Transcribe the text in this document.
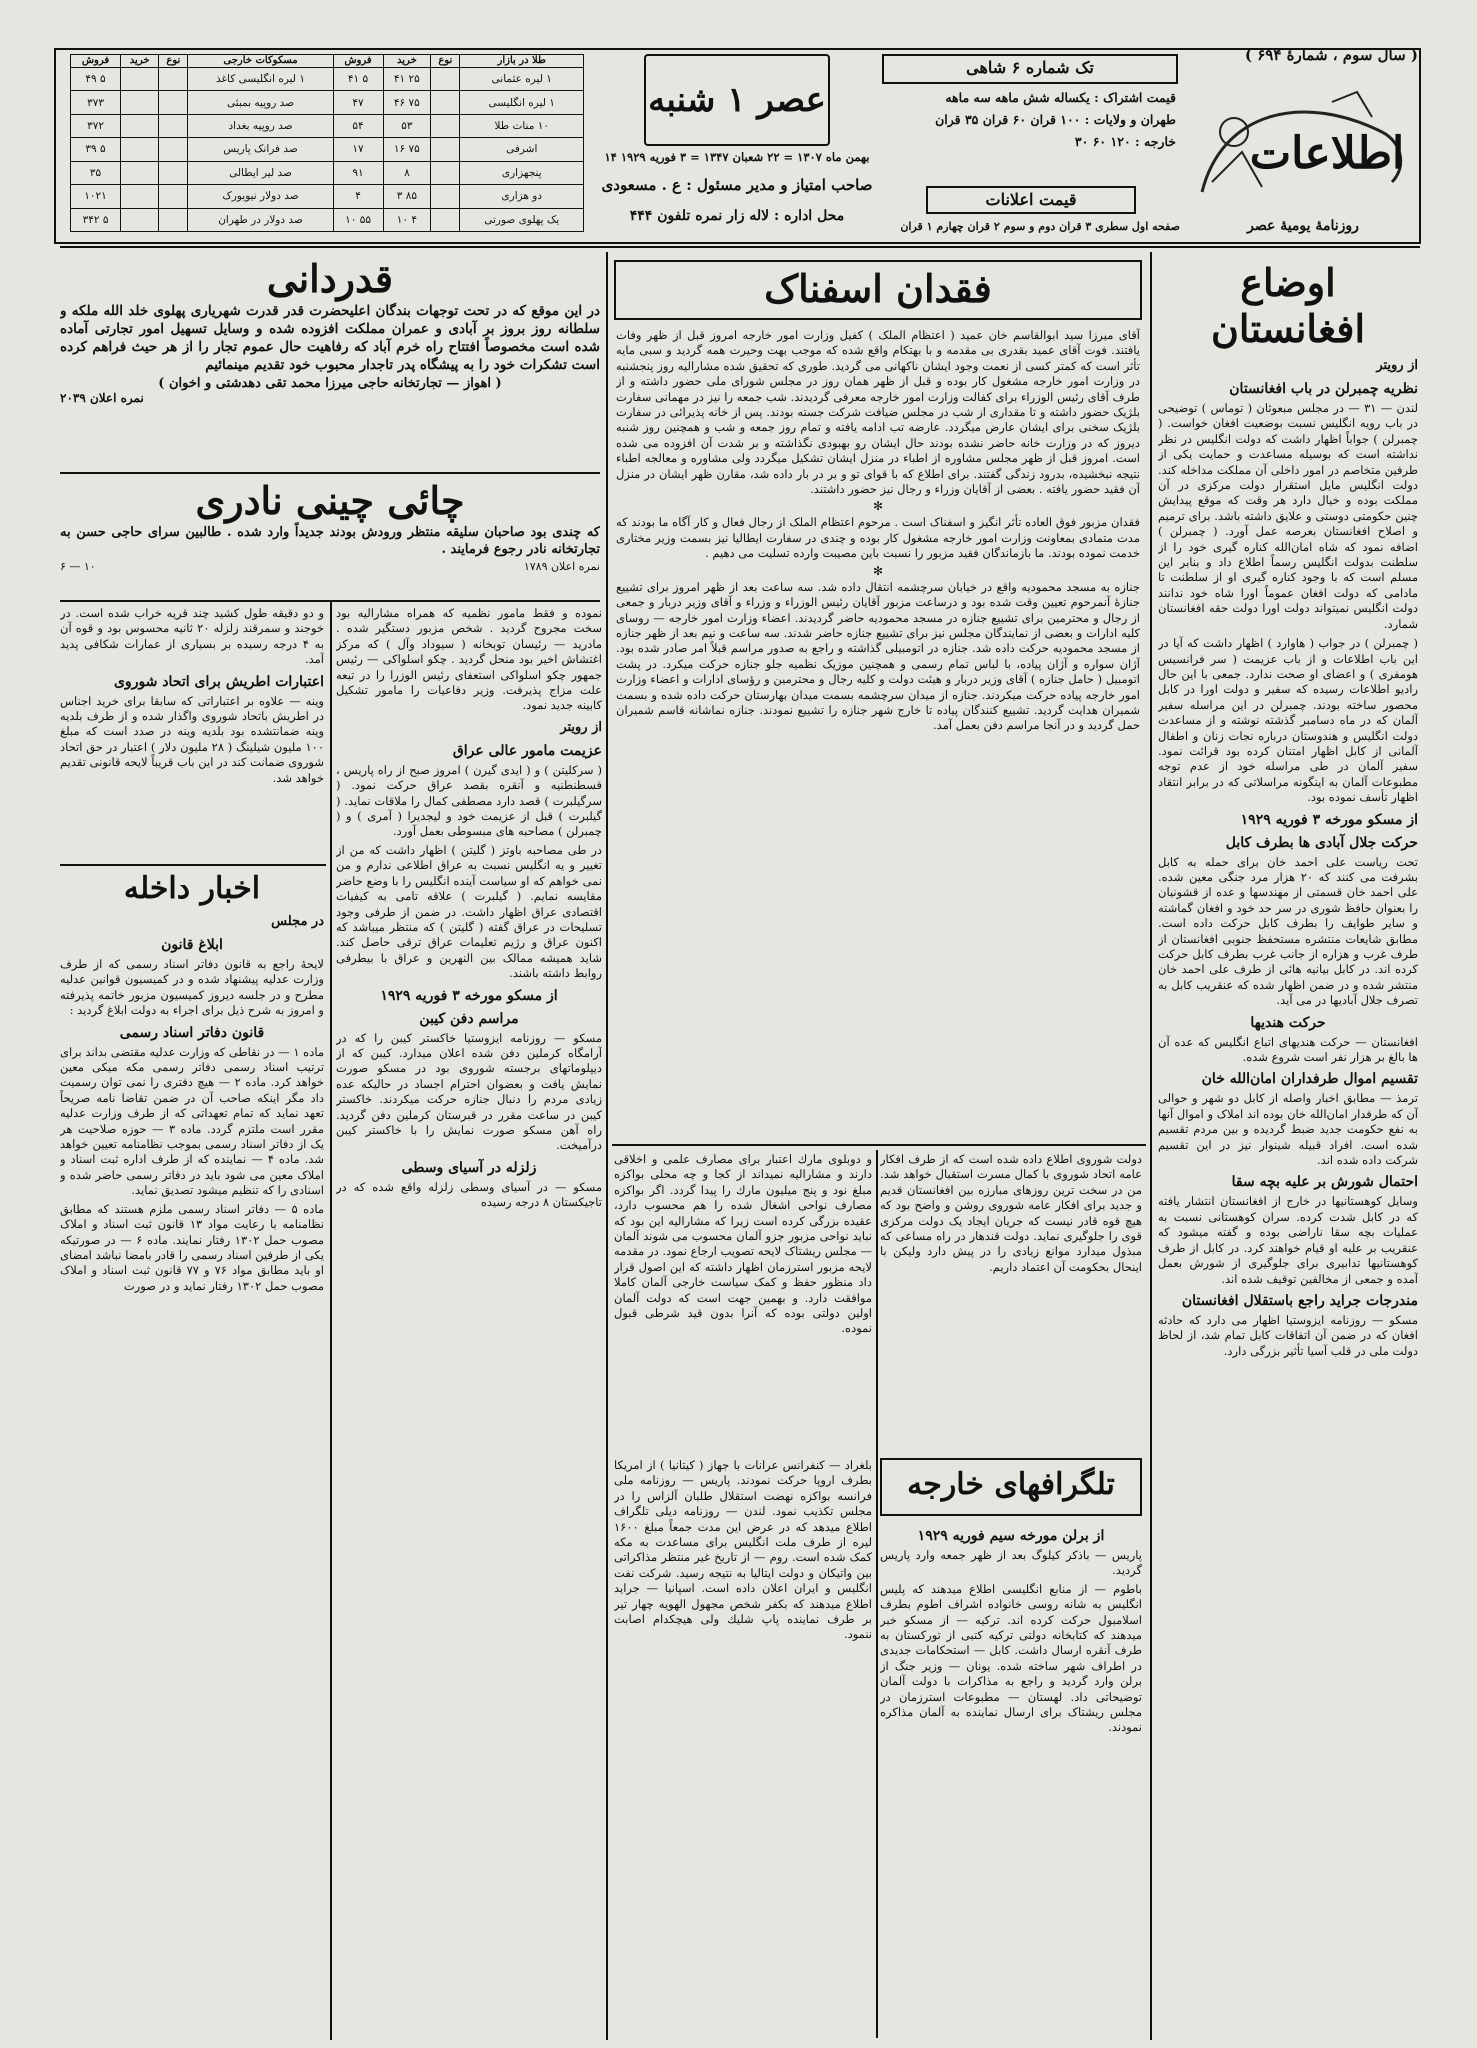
( سال سوم ، شمارهٔ ۶۹۴ )
اطلاعات
روزنامهٔ یومیهٔ عصر
تک شماره ۶ شاهی
قیمت اشتراک : یکساله شش ماهه سه ماهه
طهران و ولایات : ۱۰۰ قران ۶۰ قران ۳۵ قران
خارجه : ۱۲۰ ۶۰ ۳۰
قیمت اعلانات
صفحه اول سطری ۳ قران دوم و سوم ۲ قران چهارم ۱ قران
عصر ۱ شنبه
۱۴ بهمن ماه ۱۳۰۷ = ۲۲ شعبان ۱۳۴۷ = ۳ فوریه ۱۹۲۹
صاحب امتیاز و مدیر مسئول : ع . مسعودی
محل اداره : لاله زار نمره تلفون ۴۴۴
طلا در بازار	نوع	خرید	فروش	مسکوکات خارجی	نوع	خرید	فروش
۱ لیره عثمانی		۲۵ ۴۱	۵ ۴۱	۱ لیره انگلیسی کاغذ			۵ ۴۹
۱ لیره انگلیسی		۷۵ ۴۶	۴۷	صد روپیه بمبئی			۳۷۳
۱۰ منات طلا		۵۳	۵۴	صد روپیه بغداد			۳۷۲
اشرفی		۷۵ ۱۶	۱۷	صد فرانک پاریس			۵ ۳۹
پنجهزاری		۸	۹۱	صد لیر ایطالی			۳۵
دو هزاری		۸۵ ۳	۴	صد دولار نیویورک			۱۰۲۱
یک پهلوی صورتی		۴ ۱۰	۵۵ ۱۰	صد دولار در طهران			۵ ۳۴۲
اوضاع افغانستان
از رویتر
نظریه چمبرلن در باب افغانستان
لندن — ۳۱ — در مجلس مبعوثان ( توماس ) توضیحی در باب رویه انگلیس نسبت بوضعیت افغان خواست. ( چمبرلن ) جواباً اظهار داشت که دولت انگلیس در نظر نداشته است که بوسیله مساعدت و حمایت یکی از طرفین متخاصم در امور داخلی آن مملکت مداخله کند. دولت انگلیس مایل استقرار دولت مرکزی در آن مملکت بوده و خیال دارد هر وقت که موقع پیدایش چنین حکومتی دوستی و علایق داشته باشد. برای ترمیم و اصلاح افغانستان بعرصه عمل آورد. ( چمبرلن ) اضافه نمود که شاه امان‌الله کناره گیری خود را از سلطنت بدولت انگلیس رسماً اطلاع داد و بنابر این مسلم است که با وجود کناره گیری او از سلطنت تا مادامی که دولت افغان عموماً اورا شاه خود ندانند دولت انگلیس نمیتواند دولت اورا دولت حقه افغانستان شمارد.
( چمبرلن ) در جواب ( هاوارد ) اظهار داشت که آیا در این باب اطلاعات و از باب عزیمت ( سر فرانسیس هومفری ) و اعضای او صحت ندارد. جمعی با این حال رادیو اطلاعات رسیده که سفیر و دولت اورا در کابل محصور ساخته بودند. چمبرلن در این مراسله سفیر آلمان که در ماه دسامبر گذشته نوشته و از مساعدت دولت انگلیس و هندوستان درباره نجات زنان و اطفال آلمانی از کابل اظهار امتنان کرده بود قرائت نمود. سفیر آلمان در طی مراسله خود از عدم توجه مطبوعات آلمان به اینگونه مراسلاتی که در برابر انتقاد اظهار تأسف نموده بود.
از مسکو مورخه ۳ فوریه ۱۹۲۹
حرکت جلال آبادی ها بطرف کابل
تحت ریاست علی احمد خان برای حمله به کابل بشرفت می کنند که ۲۰ هزار مرد جنگی معین شده. علی احمد خان قسمتی از مهندسها و عده از قشونیان را بعنوان حافظ شوری در سر حد خود و افغان گماشته و سایر طوایف را بطرف کابل حرکت داده است. مطابق شایعات منتشره مستحفظ جنوبی افغانستان از طرف غرب و هزاره از جانب غرب بطرف کابل حرکت کرده اند. در کابل بیانیه هائی از طرف علی احمد خان منتشر شده و در ضمن اظهار شده که عنقریب کابل به تصرف جلال آبادیها در می آید.
حرکت هندیها
افغانستان — حرکت هندیهای اتباع انگلیس که عده آن ها بالغ بر هزار نفر است شروع شده.
تقسیم اموال طرفداران امان‌الله خان
ترمذ — مطابق اخبار واصله از کابل دو شهر و حوالی آن که طرفدار امان‌الله خان بوده اند املاک و اموال آنها به نفع حکومت جدید ضبط گردیده و بین مردم تقسیم شده است. افراد قبیله شینوار نیز در این تقسیم شرکت داده شده اند.
احتمال شورش بر علیه بچه سقا
وسایل کوهستانیها در خارج از افغانستان انتشار یافته که در کابل شدت کرده. سران کوهستانی نسبت به عملیات بچه سقا ناراضی بوده و گفته میشود که عنقریب بر علیه او قیام خواهند کرد. در کابل از طرف کوهستانیها تدابیری برای جلوگیری از شورش بعمل آمده و جمعی از مخالفین توقیف شده اند.
مندرجات جراید راجع باستقلال افغانستان
مسکو — روزنامه ایزوستیا اظهار می دارد که حادثه افغان که در ضمن آن اتفاقات کابل تمام شد، از لحاظ دولت ملی در قلب آسیا تأثیر بزرگی دارد.
فقدان اسفناک
آقای میرزا سید ابوالقاسم خان عمید ( اعتظام الملک ) کفیل وزارت امور خارجه امروز قبل از ظهر وفات یافتند. فوت آقای عمید بقدری بی مقدمه و با بهتکام واقع شده که موجب بهت وحیرت همه گردید و سبی مایه تأثر است که کمتر کسی از نعمت وجود ایشان ناکهانی می گردید. طوری که تحقیق شده مشارالیه روز پنجشنبه در وزارت امور خارجه مشغول کار بوده و قبل از ظهر همان روز در مجلس شورای ملی حضور داشته و از طرف آقای رئیس الوزراء برای کفالت وزارت امور خارجه معرفی گردیدند. شب جمعه را نیز در مهمانی سفارت بلژیک حضور داشته و تا مقداری از شب در مجلس ضیافت شرکت جسته بودند. پس از خانه پذیرائی در سفارت بلژیک سخنی برای ایشان عارض میگردد. عارضه تب ادامه یافته و تمام روز جمعه و شب و همچنین روز شنبه دیروز که در وزارت خانه حاضر نشده بودند حال ایشان رو بهبودی نگذاشته و بر شدت آن افزوده می شده است. امروز قبل از ظهر مجلس مشاوره از اطباء در منزل ایشان تشکیل میگردد ولی مشاوره و معالجه اطباء نتیجه نبخشیده، بدرود زندگی گفتند. برای اطلاع که با قوای تو و بر در بار داده شد، مقارن ظهر ایشان در منزل آن فقید حضور یافته . بعضی از آقایان وزراء و رجال نیز حضور داشتند.
✻
فقدان مزبور فوق العاده تأثر انگیز و اسفناک است . مرحوم اعتظام الملک از رجال فعال و کار آگاه ما بودند که مدت متمادی بمعاونت وزارت امور خارجه مشغول کار بوده و چندی در سفارت ایطالیا نیز بسمت وزیر مختاری خدمت نموده بودند. ما بازماندگان فقید مزبور را نسبت باین مصیبت وارده تسلیت می دهیم .
✻
جنازه به مسجد محمودیه واقع در خیابان سرچشمه انتقال داده شد. سه ساعت بعد از ظهر امروز برای تشییع جنازهٔ آنمرحوم تعیین وقت شده بود و درساعت مزبور آقایان رئیس الوزراء و وزراء و آقای وزیر دربار و جمعی از رجال و محترمین برای تشییع جنازه در مسجد محمودیه حاضر گردیدند. اعضاء وزارت امور خارجه — روسای کلیه ادارات و بعضی از نمایندگان مجلس نیز برای تشییع جنازه حاضر شدند. سه ساعت و نیم بعد از ظهر جنازه از مسجد محمودیه حرکت داده شد. جنازه در اتومبیلی گذاشته و راجع به صدور مراسم قبلاً امر صادر شده بود. آژان سواره و آژان پیاده، با لباس تمام رسمی و همچنین موزیک نظمیه جلو جنازه حرکت میکرد. در پشت اتومبیل ( حامل جنازه ) آقای وزیر دربار و هیئت دولت و کلیه رجال و محترمین و رؤسای ادارات و اعضاء وزارت امور خارجه پیاده حرکت میکردند. جنازه از میدان سرچشمه بسمت میدان بهارستان حرکت داده شده و بسمت شمیران هدایت گردید. تشییع کنندگان پیاده تا خارج شهر جنازه را تشییع نمودند. جنازه نماشانه قاسم شمیران حمل گردید و در آنجا مراسم دفن بعمل آمد.
دولت شوروی اطلاع داده شده است که از طرف افکار عامه اتحاد شوروی با کمال مسرت استقبال خواهد شد. من در سخت ترین روزهای مبارزه بین افغانستان قدیم و جدید برای افکار عامه شوروی روشن و واضح بود که هیچ قوه قادر نیست که جریان ایجاد یک دولت مرکزی قوی را جلوگیری نماید. دولت قندهار در راه مساعی که مبذول میدارد موانع زیادی را در پیش دارد ولیکن با اینحال بحکومت آن اعتماد داریم.
و دوبلوی مارك اعتبار برای مصارف علمی و اخلاقی دارند و مشارالیه نمیداند از کجا و چه محلی بواکزه مبلغ نود و پنج میلیون مارك را پیدا گردد. اگر بواکزه مصارف نواحی اشغال شده را هم محسوب دارد، عقیده بزرگی کرده است زیرا که مشارالیه این بود که نباید نواحی مزبور جزو آلمان محسوب می شوند آلمان — مجلس ریشتاک لایحه تصویب ارجاع نمود. در مقدمه لایحه مزبور استرزمان اظهار داشته که این اصول قرار داد منظور حفظ و کمک سیاست خارجی آلمان کاملا موافقت دارد. و بهمین جهت است که دولت آلمان اولین دولتی بوده که آنرا بدون قید شرطی قبول نموده.
تلگرافهای خارجه
از برلن مورخه سیم فوریه ۱۹۲۹
پاریس — باذکر کیلوگ بعد از ظهر جمعه وارد پاریس گردید.
باطوم — از منابع انگلیسی اطلاع میدهند که پلیس انگلیس به شانه روسی خانواده اشراف اطوم بطرف اسلامبول حرکت کرده اند. ترکیه — از مسکو خبر میدهند که کتابخانه دولتی ترکیه کتبی از تورکستان به طرف آنقره ارسال داشت. کابل — استحکامات جدیدی در اطراف شهر ساخته شده. یونان — وزیر جنگ از برلن وارد گردید و راجع به مذاکرات با دولت آلمان توضیحاتی داد. لهستان — مطبوعات استرزمان در مجلس ریشتاک برای ارسال نماینده به آلمان مذاکره نمودند.
بلغراد — کنفرانس عرانات با جهاز ( کیتانیا ) از امریکا بطرف اروپا حرکت نمودند. پاریس — روزنامه ملی فرانسه بواکزه نهضت استقلال طلبان آلزاس را در مجلس تکذیب نمود. لندن — روزنامه دیلی تلگراف اطلاع میدهد که در عرض این مدت جمعاً مبلغ ۱۶۰۰ لیره از طرف ملت انگلیس برای مساعدت به مکه کمک شده است. روم — از تاریخ غیر منتظر مذاکراتی بین واتیکان و دولت ایتالیا به نتیجه رسید. شرکت نفت انگلیس و ایران اعلان داده است. اسپانیا — جراید اطلاع میدهند که بکفر شخص مجهول الهویه چهار تیر بر طرف نماینده پاپ شلیك ولی هیچکدام اصابت ننمود.
قدردانی
در این موقع که در تحت توجهات بندگان اعلیحضرت قدر قدرت شهریاری پهلوی خلد الله ملکه و سلطانه روز بروز بر آبادی و عمران مملکت افزوده شده و وسایل تسهیل امور تجارتی آماده شده است مخصوصاً افتتاح راه خرم آباد که رفاهیت حال عموم تجار را از هر حیث فراهم کرده است تشکرات خود را به پیشگاه پدر تاجدار محبوب خود تقدیم مینمائیم
( اهواز — تجارتخانه حاجی میرزا محمد تقی دهدشتی و اخوان )
نمره اعلان ۲۰۳۹
چائی چینی نادری
که چندی بود صاحبان سلیقه منتظر ورودش بودند جدیداً وارد شده . طالبین سرای حاجی حسن به تجارتخانه نادر رجوع فرمایند .
۶ — ۱۰	نمره اعلان ۱۷۸۹
نموده و فقط مامور نظمیه که همراه مشارالیه بود سخت مجروح گردید . شخص مزبور دستگیر شده . مادرید — رئیسان توبخانه ( سیوداد وآل ) که مرکز اغتشاش اخیر بود منحل گردید . چکو اسلواکی — رئیس جمهور چکو اسلواکی استعفای رئیس الوزرا را در تبعه علت مزاج پذیرفت. وزیر دفاعیات را مامور تشکیل کابینه جدید نمود.
از رویتر
عزیمت مامور عالی عراق
( سرکلیتن ) و ( ایدی گیرن ) امروز صبح از راه پاریس ، قسطنطنیه و آنقره بقصد عراق حرکت نمود. ( سرگیلبرت ) قصد دارد مصطفی کمال را ملاقات نماید. ( گیلبرت ) قبل از عزیمت خود و لیجدیرا ( آمری ) و ( چمبرلن ) مصاحبه های مبسوطی بعمل آورد.
در طی مصاحبه باوتز ( گلیتن ) اظهار داشت که من از تغییر و یه انگلیس نسبت به عراق اطلاعی ندارم و من نمی خواهم که او سیاست آینده انگلیس را با وضع حاضر مقایسه نمایم. ( گیلبرت ) علاقه تامی به کیفیات اقتصادی عراق اظهار داشت. در ضمن از طرفی وجود تسلیحات در عراق گفته ( گلیتن ) که منتظر میباشد که اکنون عراق و رژیم تعلیمات عراق ترقی حاصل کند. شاید همیشه ممالک بین النهرین و عراق با بیطرفی روابط داشته باشند.
از مسکو مورخه ۳ فوریه ۱۹۲۹
مراسم دفن کیبن
مسکو — روزنامه ایزوستیا خاکستر کیبن را که در آرامگاه کرملین دفن شده اعلان میدارد. کیبن که از دیپلوماتهای برجسته شوروی بود در مسکو صورت نمایش یافت و بعضوان احترام اجساد در حالیکه عده زیادی مردم را دنبال جنازه حرکت میکردند. خاکستر کیبن در ساعت مقرر در قبرستان کرملین دفن گردید. راه آهن مسکو صورت نمایش را با خاکستر کیبن درآمیخت.
زلزله در آسیای وسطی
مسکو — در آسیای وسطی زلزله واقع شده که در تاجیکستان ۸ درجه رسیده
و دو دقیقه طول کشید چند قریه خراب شده است. در خوجند و سمرقند زلزله ۲۰ ثانیه محسوس بود و قوه آن به ۴ درجه رسیده بر بسیاری از عمارات شکافی پدید آمد.
اعتبارات اطریش برای اتحاد شوروی
وینه — علاوه بر اعتباراتی که سابقا برای خرید اجناس در اطریش باتحاد شوروی واگذار شده و از طرف بلدیه وینه ضمانتشده بود بلدیه وینه در صدد است که مبلغ ۱۰۰ ملیون شیلینگ ( ۲۸ ملیون دلار ) اعتبار در حق اتحاد شوروی ضمانت کند در این باب قریباً لایحه قانونی تقدیم خواهد شد.
اخبار داخله
در مجلس
ابلاغ قانون
لایحهٔ راجع به قانون دفاتر اسناد رسمی که از طرف وزارت عدلیه پیشنهاد شده و در کمیسیون قوانین عدلیه مطرح و در جلسه دیروز کمیسیون مزبور خاتمه پذیرفته و امروز به شرح ذیل برای اجراء به دولت ابلاغ گردید :
قانون دفاتر اسناد رسمی
ماده ۱ — در نقاطی که وزارت عدلیه مقتضی بداند برای ترتیب اسناد رسمی دفاتر رسمی مکه میکی معین خواهد کرد. ماده ۲ — هیچ دفتری را نمی توان رسمیت داد مگر اینکه صاحب آن در ضمن تقاضا نامه صریحاً تعهد نماید که تمام تعهداتی که از طرف وزارت عدلیه مقرر است ملتزم گردد. ماده ۳ — حوزه صلاحیت هر یک از دفاتر اسناد رسمی بموجب نظامنامه تعیین خواهد شد. ماده ۴ — نماینده که از طرف اداره ثبت اسناد و املاک معین می شود باید در دفاتر رسمی حاضر شده و اسنادی را که تنظیم میشود تصدیق نماید.
ماده ۵ — دفاتر اسناد رسمی ملزم هستند که مطابق نظامنامه با رعایت مواد ۱۳ قانون ثبت اسناد و املاک مصوب حمل ۱۳۰۲ رفتار نمایند. ماده ۶ — در صورتیکه یکی از طرفین اسناد رسمی را قادر بامضا نباشد امضای او باید مطابق مواد ۷۶ و ۷۷ قانون ثبت اسناد و املاک مصوب حمل ۱۳۰۲ رفتار نماید و در صورت
